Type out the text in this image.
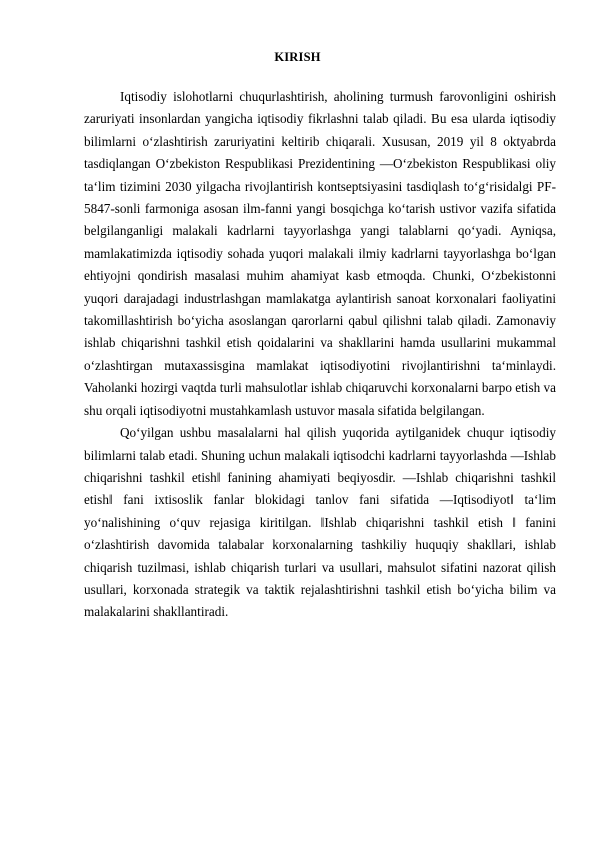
KIRISH

Iqtisodiy islohotlarni chuqurlashtirish, aholining turmush farovonligini oshirish zaruriyati insonlardan yangicha iqtisodiy fikrlashni talab qiladi. Bu esa ularda iqtisodiy bilimlarni o‘zlashtirish zaruriyatini keltirib chiqarali. Xususan, 2019 yil 8 oktyabrda tasdiqlangan O‘zbekiston Respublikasi Prezidentining ―O‘zbekiston Respublikasi oliy ta‘lim tizimini 2030 yilgacha rivojlantirish kontseptsiyasini tasdiqlash to‘g‘risidalgi PF-5847-sonli farmoniga asosan ilm-fanni yangi bosqichga ko‘tarish ustivor vazifa sifatida belgilanganligi malakali kadrlarni tayyorlashga yangi talablarni qo‘yadi. Ayniqsa, mamlakatimizda iqtisodiy sohada yuqori malakali ilmiy kadrlarni tayyorlashga bo‘lgan ehtiyojni qondirish masalasi muhim ahamiyat kasb etmoqda. Chunki, O‘zbekistonni yuqori darajadagi industrlashgan mamlakatga aylantirish sanoat korxonalari faoliyatini takomillashtirish bo‘yicha asoslangan qarorlarni qabul qilishni talab qiladi. Zamonaviy ishlab chiqarishni tashkil etish qoidalarini va shakllarini hamda usullarini mukammal o‘zlashtirgan mutaxassisgina mamlakat iqtisodiyotini rivojlantirishni ta‘minlaydi. Vaholanki hozirgi vaqtda turli mahsulotlar ishlab chiqaruvchi korxonalarni barpo etish va shu orqali iqtisodiyotni mustahkamlash ustuvor masala sifatida belgilangan.

Qo‘yilgan ushbu masalalarni hal qilish yuqorida aytilganidek chuqur iqtisodiy bilimlarni talab etadi. Shuning uchun malakali iqtisodchi kadrlarni tayyorlashda ―Ishlab chiqarishni tashkil etish‖ fanining ahamiyati beqiyosdir. ―Ishlab chiqarishni tashkil etish‖ fani ixtisoslik fanlar blokidagi tanlov fani sifatida ―Iqtisodiyot‖ ta‘lim yo‘nalishining o‘quv rejasiga kiritilgan. ‖Ishlab chiqarishni tashkil etish ‖ fanini o‘zlashtirish davomida talabalar korxonalarning tashkiliy huquqiy shakllari, ishlab chiqarish tuzilmasi, ishlab chiqarish turlari va usullari, mahsulot sifatini nazorat qilish usullari, korxonada strategik va taktik rejalashtirishni tashkil etish bo‘yicha bilim va malakalarini shakllantiradi.
